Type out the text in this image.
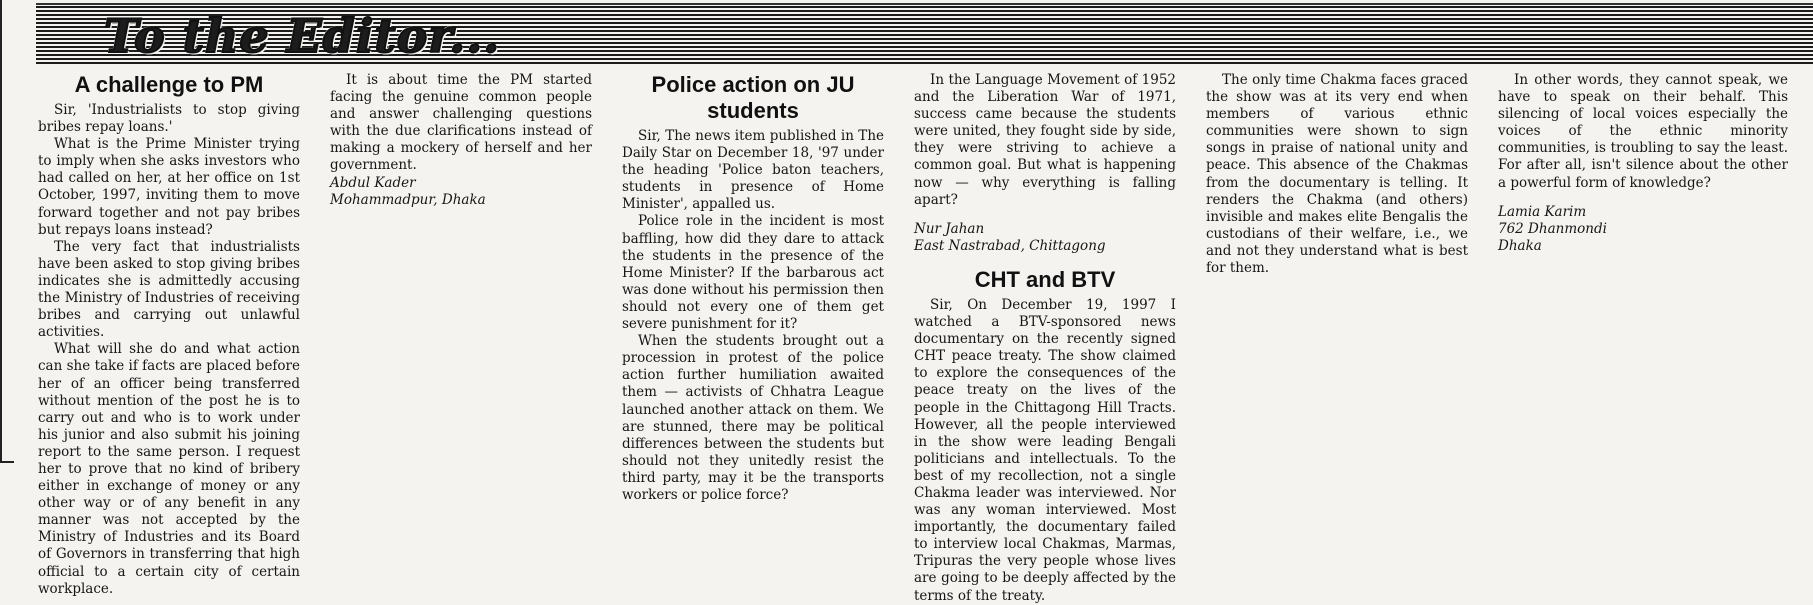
To the Editor...
A challenge to PM

Sir, 'Industrialists to stop giving bribes repay loans.'

What is the Prime Minister trying to imply when she asks investors who had called on her, at her office on 1st October, 1997, inviting them to move forward together and not pay bribes but repays loans instead?

The very fact that industrialists have been asked to stop giving bribes indicates she is admittedly accusing the Ministry of Industries of receiving bribes and carrying out unlawful activities.

What will she do and what action can she take if facts are placed before her of an officer being transferred without mention of the post he is to carry out and who is to work under his junior and also submit his joining report to the same person. I request her to prove that no kind of bribery either in exchange of money or any other way or of any benefit in any manner was not accepted by the Ministry of Industries and its Board of Governors in transferring that high official to a certain city of certain workplace.

It is about time the PM started facing the genuine common people and answer challenging questions with the due clarifications instead of making a mockery of herself and her government.

Abdul Kader

Mohammadpur, Dhaka

Police action on JU students

Sir, The news item published in The Daily Star on December 18, '97 under the heading 'Police baton teachers, students in presence of Home Minister', appalled us.

Police role in the incident is most baffling, how did they dare to attack the students in the presence of the Home Minister? If the barbarous act was done without his permission then should not every one of them get severe punishment for it?

When the students brought out a procession in protest of the police action further humiliation awaited them — activists of Chhatra League launched another attack on them. We are stunned, there may be political differences between the students but should not they unitedly resist the third party, may it be the transports workers or police force?

In the Language Movement of 1952 and the Liberation War of 1971, success came because the students were united, they fought side by side, they were striving to achieve a common goal. But what is happening now — why everything is falling apart?

Nur Jahan

East Nastrabad, Chittagong

CHT and BTV

Sir, On December 19, 1997 I watched a BTV-sponsored news documentary on the recently signed CHT peace treaty. The show claimed to explore the consequences of the peace treaty on the lives of the people in the Chittagong Hill Tracts. However, all the people interviewed in the show were leading Bengali politicians and intellectuals. To the best of my recollection, not a single Chakma leader was interviewed. Nor was any woman interviewed. Most importantly, the documentary failed to interview local Chakmas, Marmas, Tripuras the very people whose lives are going to be deeply affected by the terms of the treaty.

The only time Chakma faces graced the show was at its very end when members of various ethnic communities were shown to sign songs in praise of national unity and peace. This absence of the Chakmas from the documentary is telling. It renders the Chakma (and others) invisible and makes elite Bengalis the custodians of their welfare, i.e., we and not they understand what is best for them.

In other words, they cannot speak, we have to speak on their behalf. This silencing of local voices especially the voices of the ethnic minority communities, is troubling to say the least. For after all, isn't silence about the other a powerful form of knowledge?

Lamia Karim

762 Dhanmondi

Dhaka
